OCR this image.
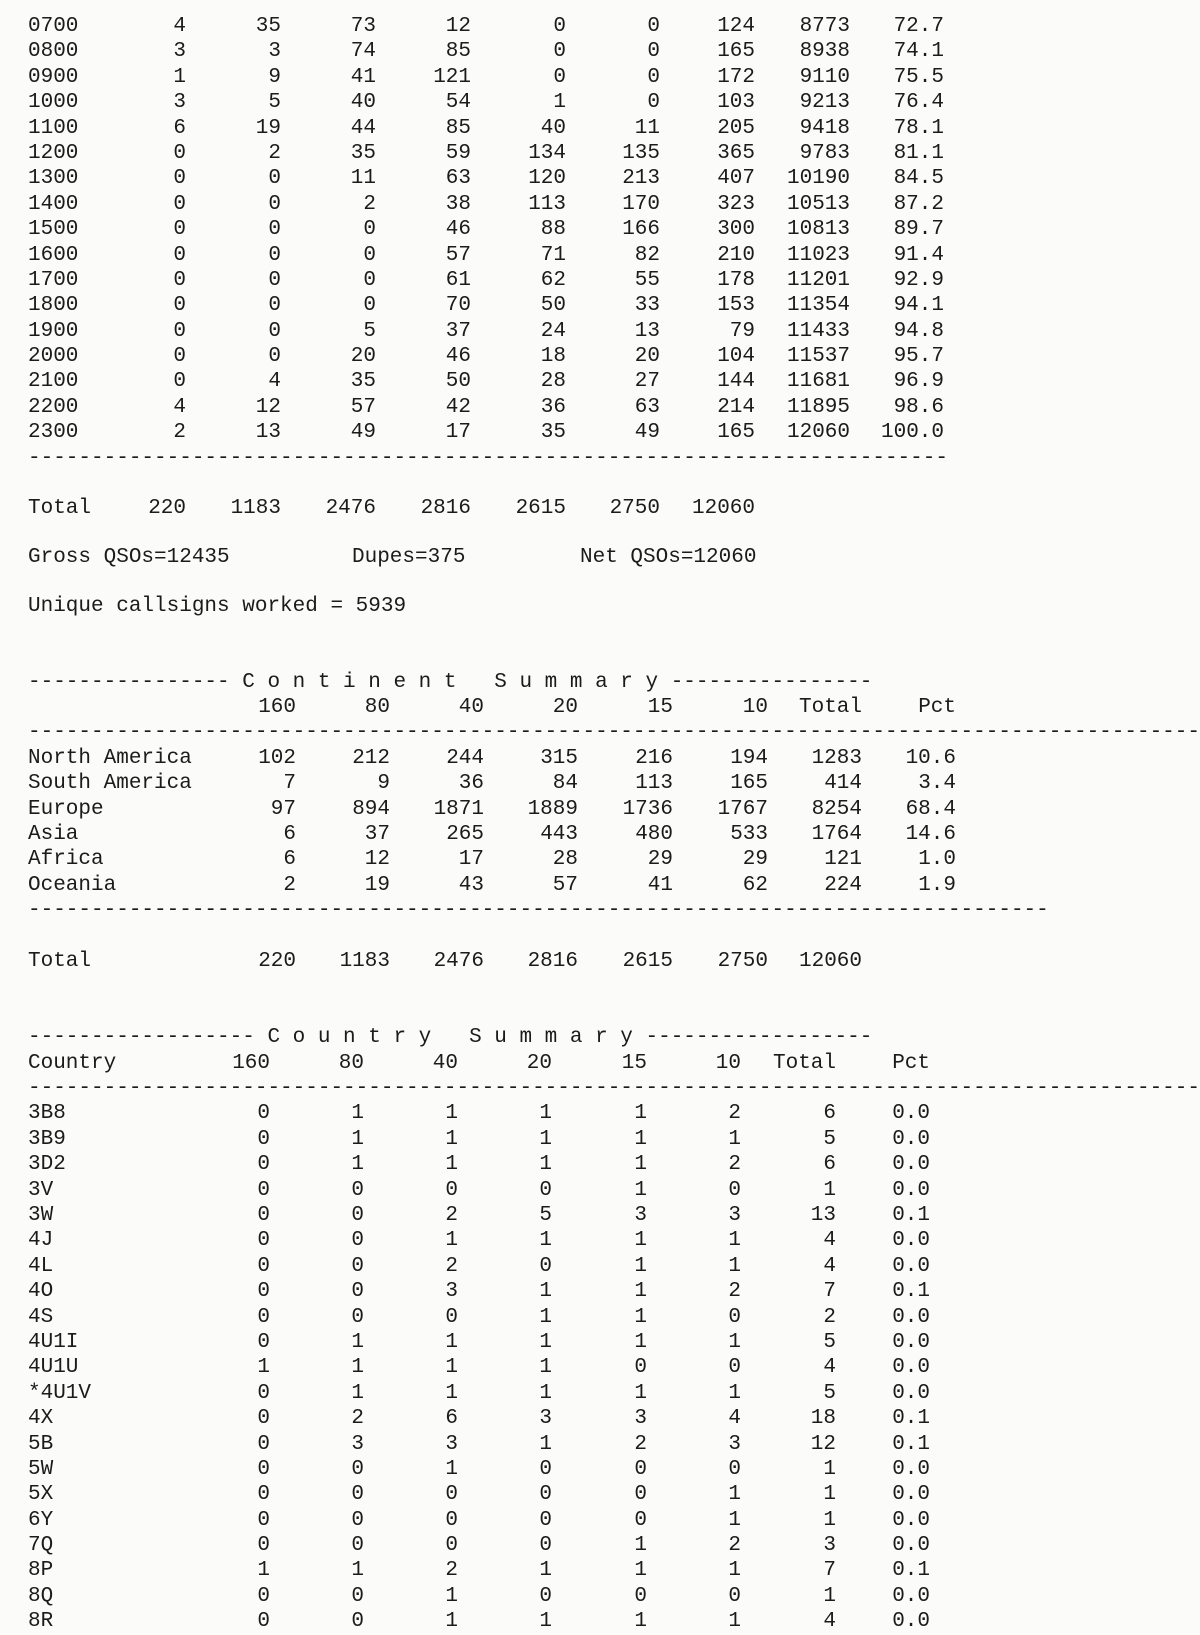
0700	4	35	73	12	0	0	124 8773 72.7
0800	3	3	74	85	0	0	165 8938 74.1
0900	1	9	41	121	0	0	172 9110 75.5
1000	3	5	40	54	1	0	103 9213 76.4
1100	6	19	44	85	40	11	205 9418 78.1
1200	0	2	35	59	134	135	365 9783 81.1
1300	0	0	11	63	120	213	407 10190 84.5
1400	0	0	2	38	113	170	323 10513 87.2
1500	0	0	0	46	88	166	300 10813 89.7
1600	0	0	0	57	71	82	210 11023 91.4
1700	0	0	0	61	62	55	178 11201 92.9
1800	0	0	0	70	50	33	153 11354 94.1
1900	0	0	5	37	24	13	79 11433 94.8
2000	0	0	20	46	18	20	104 11537 95.7
2100	0	4	35	50	28	27	144 11681 96.9
2200	4	12	57	42	36	63	214 11895 98.6
2300	2	13	49	17	35	49	165 12060 100.0
-------------------------------------------------------------------------
Total	220 1183 2476 2816 2615 2750 12060

Gross QSOs=12435

	Dupes=375

	Net QSOs=12060

Unique callsigns worked = 5939
---------------- C o n t i n e n t   S u m m a r y ----------------
160	80	40	20	15	10 Total	Pct
---------------------------------------------------------------------------------------------
North America	102	212	244	315	216	194 1283 10.6
South America	7	9	36	84	113	165	414	3.4
Europe	97	894 1871 1889 1736 1767 8254 68.4
Asia	6	37	265	443	480	533 1764 14.6
Africa	6	12	17	28	29	29	121	1.0
Oceania	2	19	43	57	41	62	224	1.9
---------------------------------------------------------------------------------
Total	220 1183 2476 2816 2615 2750 12060
------------------ C o u n t r y   S u m m a r y ------------------
Country	160	80	40	20	15	10 Total	Pct
---------------------------------------------------------------------------------------------
3B8	0	1	1	1	1	2	6	0.0
3B9	0	1	1	1	1	1	5	0.0
3D2	0	1	1	1	1	2	6	0.0
3V	0	0	0	0	1	0	1	0.0
3W	0	0	2	5	3	3	13	0.1
4J	0	0	1	1	1	1	4	0.0
4L	0	0	2	0	1	1	4	0.0
4O	0	0	3	1	1	2	7	0.1
4S	0	0	0	1	1	0	2	0.0
4U1I	0	1	1	1	1	1	5	0.0
4U1U	1	1	1	1	0	0	4	0.0
*4U1V	0	1	1	1	1	1	5	0.0
4X	0	2	6	3	3	4	18	0.1
5B	0	3	3	1	2	3	12	0.1
5W	0	0	1	0	0	0	1	0.0
5X	0	0	0	0	0	1	1	0.0
6Y	0	0	0	0	0	1	1	0.0
7Q	0	0	0	0	1	2	3	0.0
8P	1	1	2	1	1	1	7	0.1
8Q	0	0	1	0	0	0	1	0.0
8R	0	0	1	1	1	1	4	0.0
